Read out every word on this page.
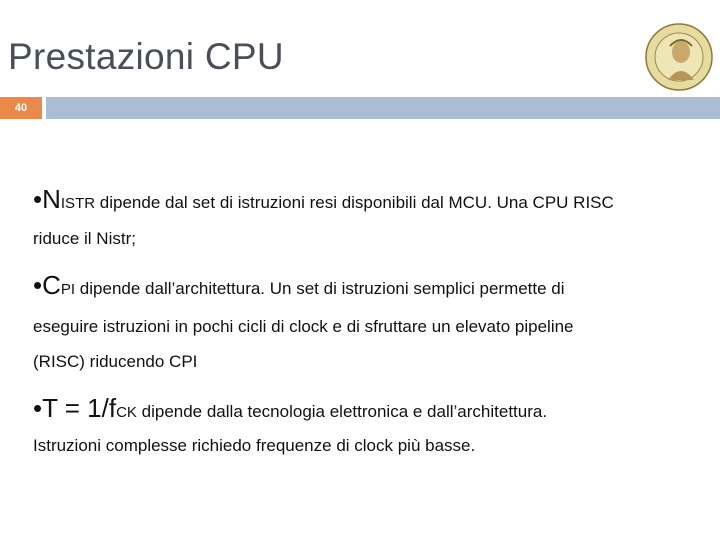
Prestazioni CPU
40
•NISTR dipende dal set di istruzioni resi disponibili dal MCU. Una CPU RISC
riduce il Nistr;
•CPI dipende dall’architettura. Un set di istruzioni semplici permette di
eseguire istruzioni in pochi cicli di clock e di sfruttare un elevato pipeline
(RISC) riducendo CPI
•T = 1/fCK dipende dalla tecnologia elettronica e dall’architettura.
Istruzioni complesse richiedo frequenze di clock più basse.
